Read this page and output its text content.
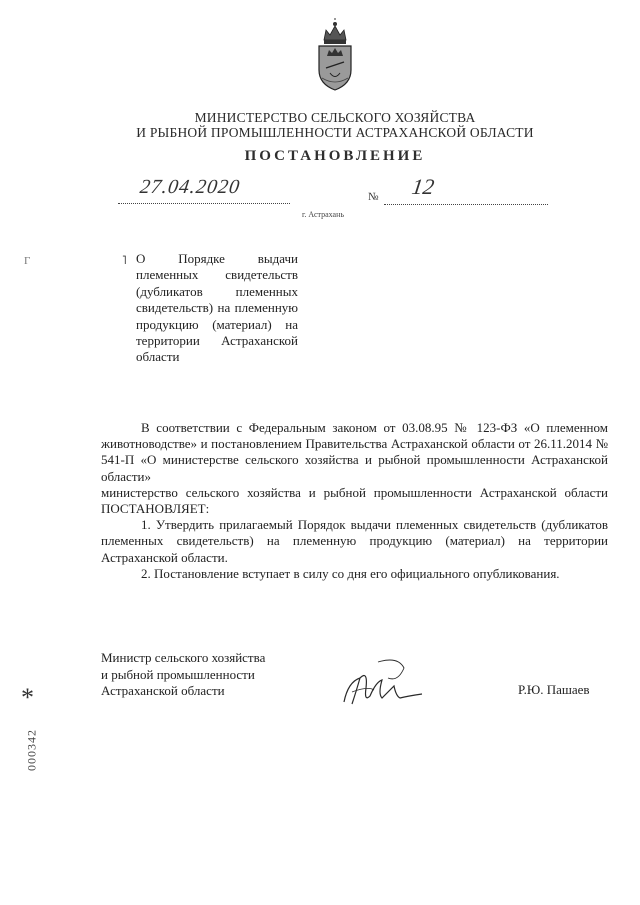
МИНИСТЕРСТВО СЕЛЬСКОГО ХОЗЯЙСТВА
И РЫБНОЙ ПРОМЫШЛЕННОСТИ АСТРАХАНСКОЙ ОБЛАСТИ
ПОСТАНОВЛЕНИЕ
27.04.2020	№ 12
г. Астрахань
Г	˥ О Порядке выдачи племенных свидетельств (дубликатов племенных свидетельств) на племенную продукцию (материал) на территории Астраханской области

В соответствии с Федеральным законом от 03.08.95 № 123-ФЗ «О племенном животноводстве» и постановлением Правительства Астраханской области от 26.11.2014 № 541-П «О министерстве сельского хозяйства и рыбной промышленности Астраханской области»

министерство сельского хозяйства и рыбной промышленности Астраханской области ПОСТАНОВЛЯЕТ:

1. Утвердить прилагаемый Порядок выдачи племенных свидетельств (дубликатов племенных свидетельств) на племенную продукцию (материал) на территории Астраханской области.

2. Постановление вступает в силу со дня его официального опубликования.

Министр сельского хозяйства
и рыбной промышленности
Астраханской области	Р.Ю. Пашаев
*
000342
